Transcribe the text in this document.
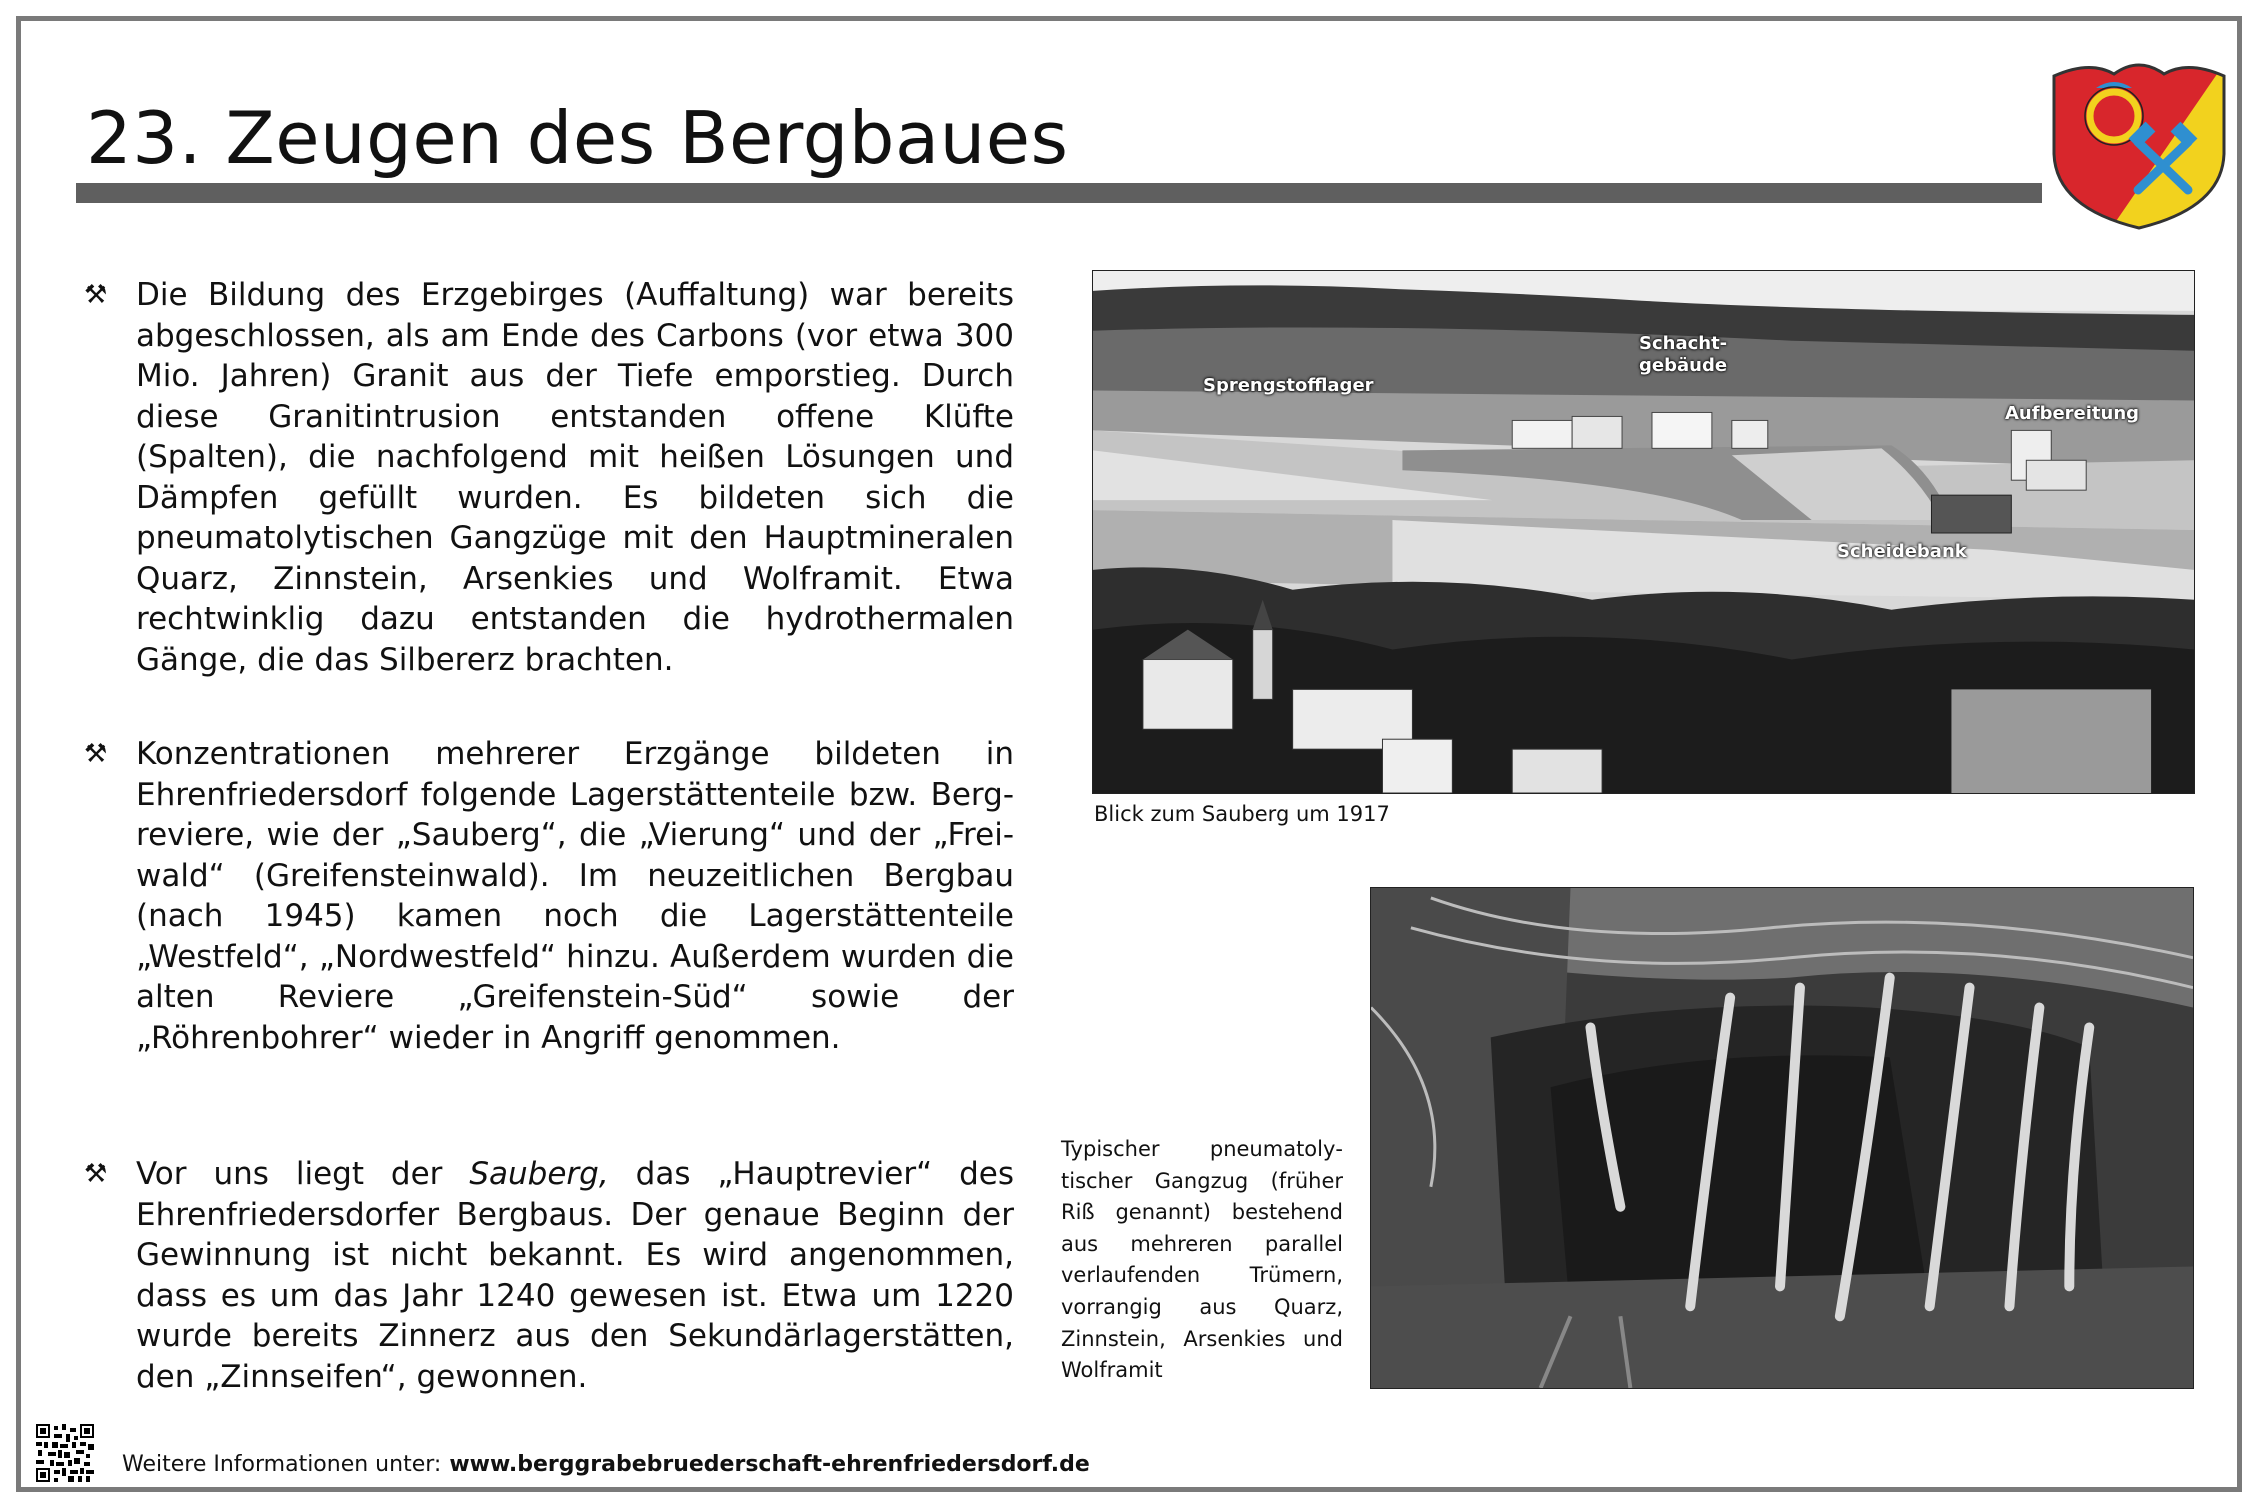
23. Zeugen des Bergbaues
⚒ Die Bildung des Erzgebirges (Auffaltung) war bereits abgeschlossen, als am Ende des Carbons (vor etwa 300 Mio. Jahren) Granit aus der Tiefe emporstieg. Durch diese Granitintrusion entstanden offene Klüfte (Spalten), die nachfolgend mit heißen Lösungen und Dämpfen gefüllt wurden. Es bildeten sich die pneumatolytischen Gangzüge mit den Hauptmineralen Quarz, Zinnstein, Arsenkies und Wolframit. Etwa rechtwinklig dazu entstanden die hydrothermalen Gänge, die das Silbererz brachten.
⚒ Konzentrationen mehrerer Erzgänge bildeten in Ehrenfriedersdorf folgende Lagerstättenteile bzw. Bergreviere, wie der „Sauberg“, die „Vierung“ und der „Freiwald“ (Greifensteinwald). Im neuzeitlichen Bergbau (nach 1945) kamen noch die Lagerstättenteile „Westfeld“, „Nordwestfeld“ hinzu. Außerdem wurden die alten Reviere „Greifenstein-Süd“ sowie der „Röhrenbohrer“ wieder in Angriff genommen.
⚒ Vor uns liegt der Sauberg, das „Hauptrevier“ des Ehrenfriedersdorfer Bergbaus. Der genaue Beginn der Gewinnung ist nicht bekannt. Es wird angenommen, dass es um das Jahr 1240 gewesen ist. Etwa um 1220 wurde bereits Zinnerz aus den Sekundärlagerstätten, den „Zinnseifen“, gewonnen.
Sprengstofflager
Schacht-
gebäude
Aufbereitung
Scheidebank
Blick zum Sauberg um 1917
Typischer pneumatolytischer Gangzug (früher Riß genannt) bestehend aus mehreren parallel verlaufenden Trümern, vorrangig aus Quarz, Zinnstein, Arsenkies und Wolframit
Weitere Informationen unter: www.berggrabebruederschaft-ehrenfriedersdorf.de
